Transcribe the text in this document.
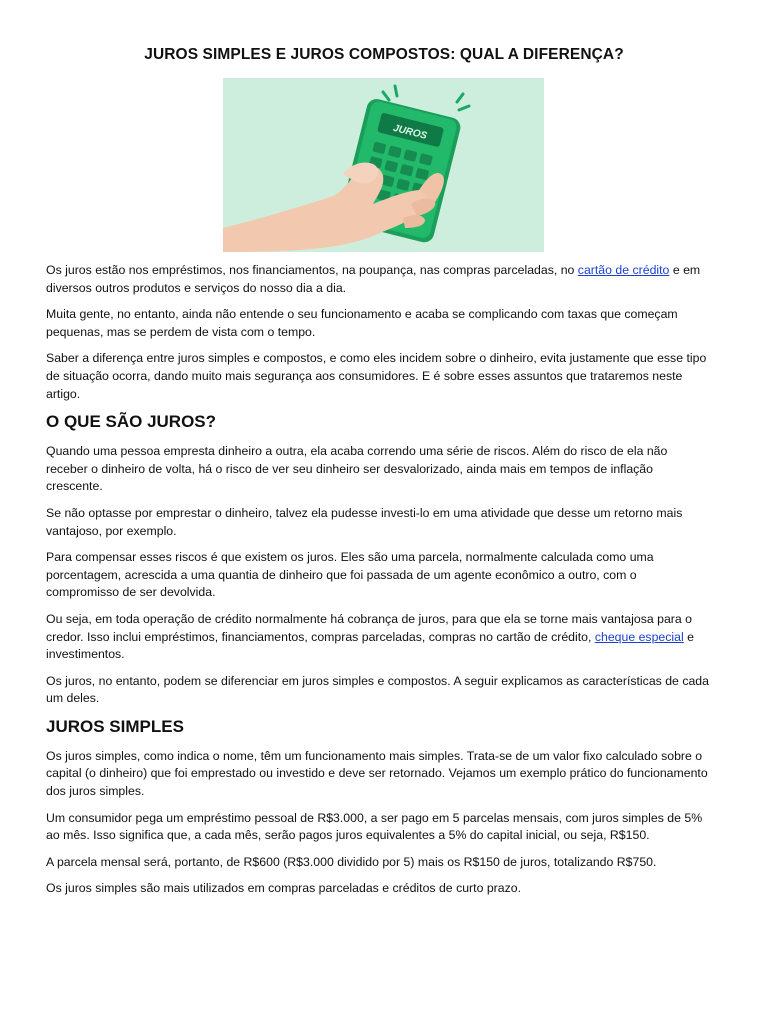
JUROS SIMPLES E JUROS COMPOSTOS: QUAL A DIFERENÇA?
JUROS

Os juros estão nos empréstimos, nos financiamentos, na poupança, nas compras parceladas, no cartão de crédito e em diversos outros produtos e serviços do nosso dia a dia.

Muita gente, no entanto, ainda não entende o seu funcionamento e acaba se complicando com taxas que começam pequenas, mas se perdem de vista com o tempo.

Saber a diferença entre juros simples e compostos, e como eles incidem sobre o dinheiro, evita justamente que esse tipo de situação ocorra, dando muito mais segurança aos consumidores. E é sobre esses assuntos que trataremos neste artigo.

O QUE SÃO JUROS?

Quando uma pessoa empresta dinheiro a outra, ela acaba correndo uma série de riscos. Além do risco de ela não receber o dinheiro de volta, há o risco de ver seu dinheiro ser desvalorizado, ainda mais em tempos de inflação crescente.

Se não optasse por emprestar o dinheiro, talvez ela pudesse investi-lo em uma atividade que desse um retorno mais vantajoso, por exemplo.

Para compensar esses riscos é que existem os juros. Eles são uma parcela, normalmente calculada como uma porcentagem, acrescida a uma quantia de dinheiro que foi passada de um agente econômico a outro, com o compromisso de ser devolvida.

Ou seja, em toda operação de crédito normalmente há cobrança de juros, para que ela se torne mais vantajosa para o credor. Isso inclui empréstimos, financiamentos, compras parceladas, compras no cartão de crédito, cheque especial e investimentos.

Os juros, no entanto, podem se diferenciar em juros simples e compostos. A seguir explicamos as características de cada um deles.

JUROS SIMPLES

Os juros simples, como indica o nome, têm um funcionamento mais simples. Trata-se de um valor fixo calculado sobre o capital (o dinheiro) que foi emprestado ou investido e deve ser retornado. Vejamos um exemplo prático do funcionamento dos juros simples.

Um consumidor pega um empréstimo pessoal de R$3.000, a ser pago em 5 parcelas mensais, com juros simples de 5% ao mês. Isso significa que, a cada mês, serão pagos juros equivalentes a 5% do capital inicial, ou seja, R$150.

A parcela mensal será, portanto, de R$600 (R$3.000 dividido por 5) mais os R$150 de juros, totalizando R$750.

Os juros simples são mais utilizados em compras parceladas e créditos de curto prazo.
